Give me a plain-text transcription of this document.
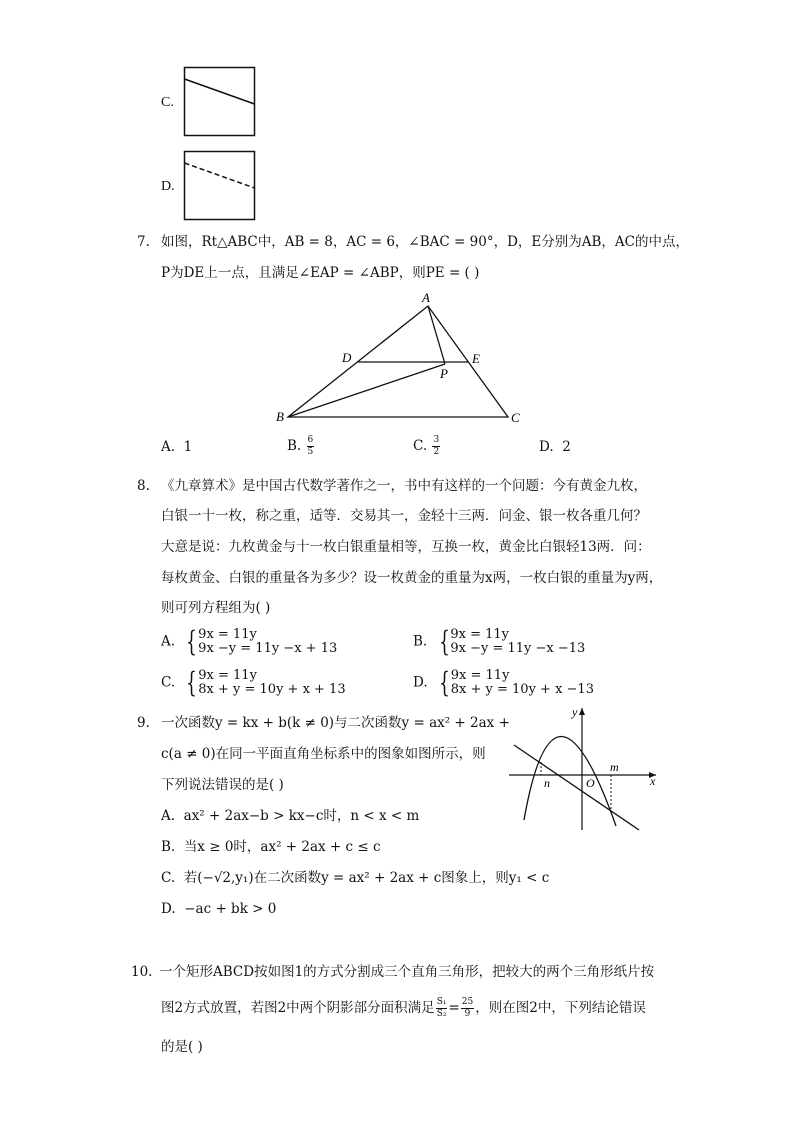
C.
D.
7. 如图，Rt△ABC中，AB = 8，AC = 6，∠BAC = 90°，D，E分别为AB，AC的中点，
P为DE上一点，且满足∠EAP = ∠ABP，则PE = ( )
A
B	C
D	E
P
A. 1	B. $\frac{6}{5}$	C. $\frac{3}{2}$	D. 2
8. 《九章算术》是中国古代数学著作之一，书中有这样的一个问题：今有黄金九枚，
白银一十一枚，称之重，适等．交易其一，金轻十三两．问金、银一枚各重几何？
大意是说：九枚黄金与十一枚白银重量相等，互换一枚，黄金比白银轻13两．问：
每枚黄金、白银的重量各为多少？设一枚黄金的重量为x两，一枚白银的重量为y两，
则可列方程组为( )
A. { 9x = 11y
9x −y = 11y −x + 13	B. { 9x = 11y
9x −y = 11y −x −13
C. { 9x = 11y
8x + y = 10y + x + 13	D. { 9x = 11y
8x + y = 10y + x −13
9. 一次函数y = kx + b(k ≠ 0)与二次函数y = ax² + 2ax +
c(a ≠ 0)在同一平面直角坐标系中的图象如图所示，则
下列说法错误的是( )
y
x
O
n
m
A. ax² + 2ax−b > kx−c时，n < x < m
B. 当x ≥ 0时，ax² + 2ax + c ≤ c
C. 若(−√2,y₁)在二次函数y = ax² + 2ax + c图象上，则y₁ < c
D. −ac + bk > 0
10. 一个矩形ABCD按如图1的方式分割成三个直角三角形，把较大的两个三角形纸片按
图2方式放置，若图2中两个阴影部分面积满足 $\frac{\text{S₁}}{\text{S₂}} = \frac{25}{9}$ ，则在图2中，下列结论错误
的是( )
